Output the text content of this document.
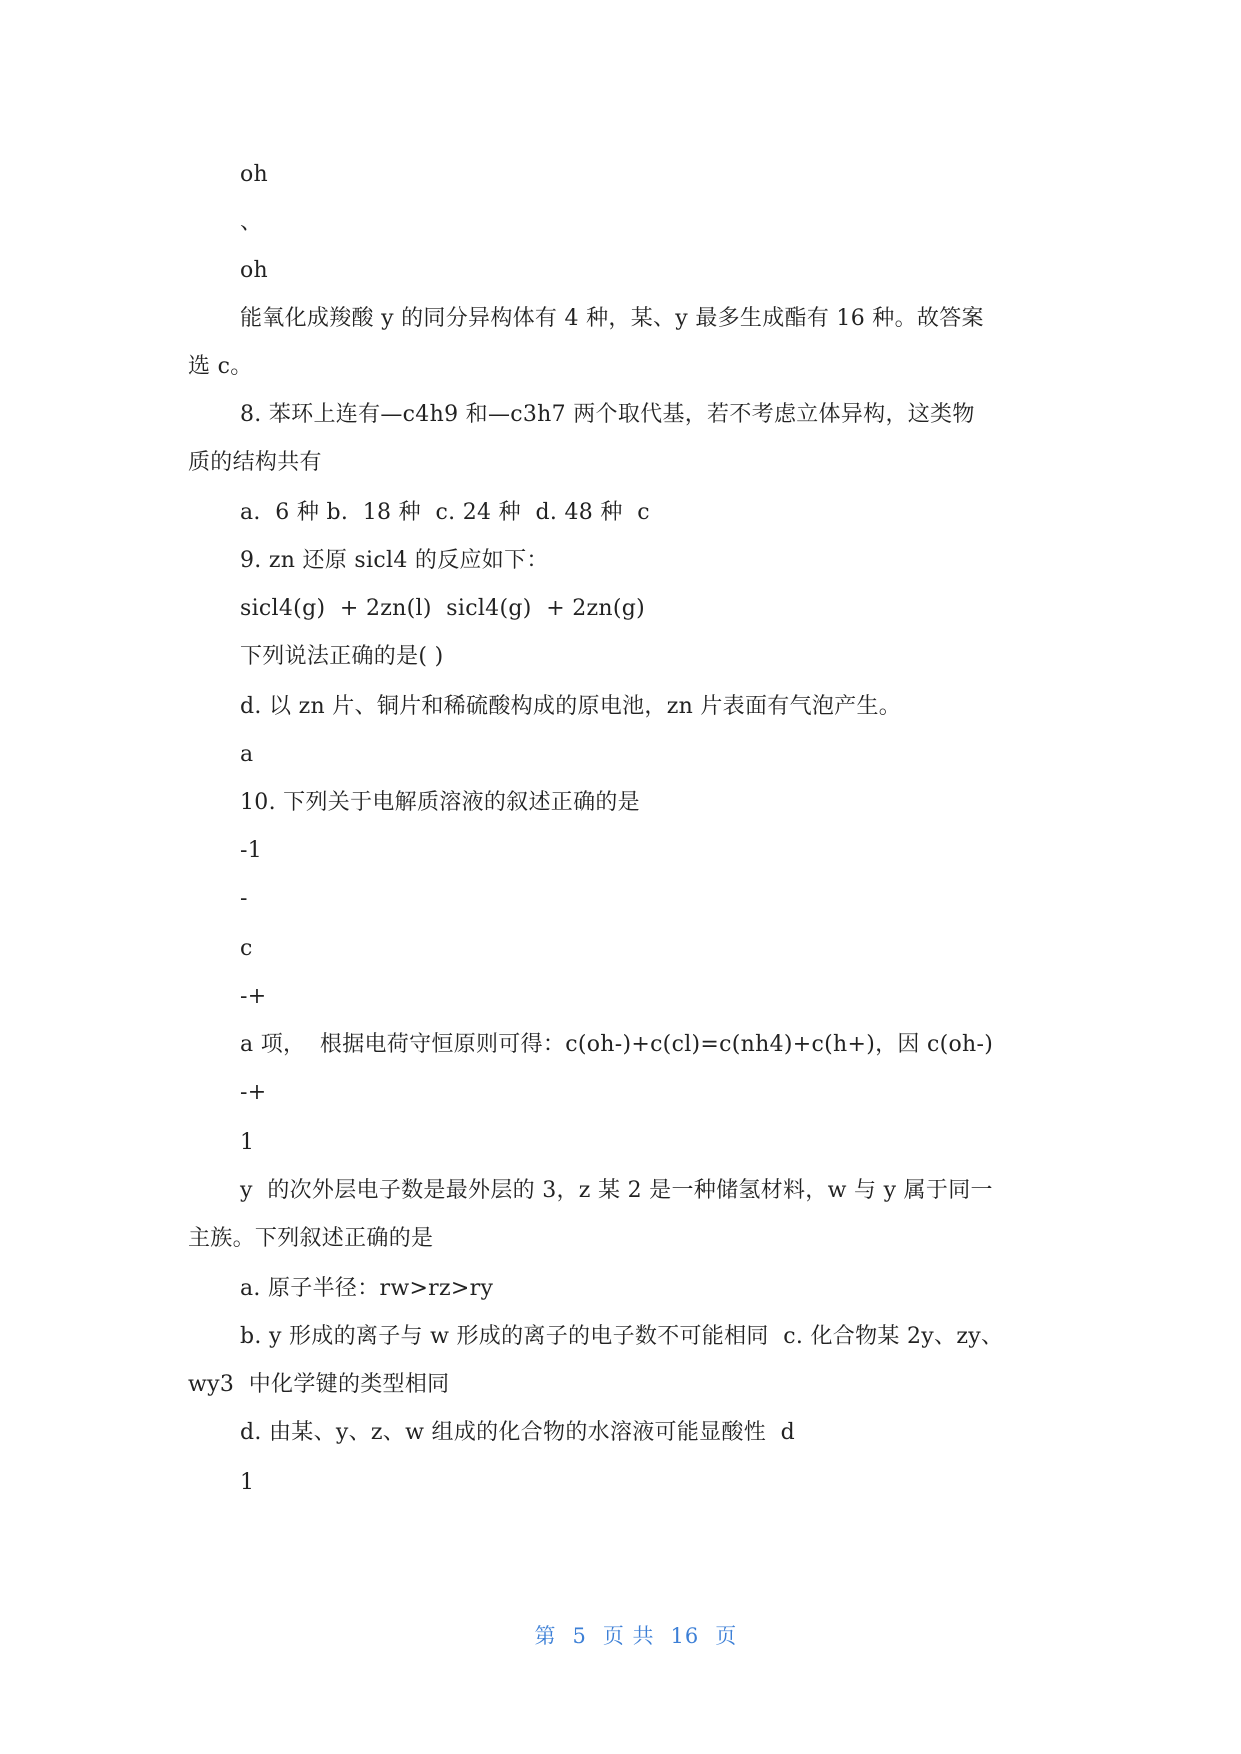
oh
、
oh
能氧化成羧酸 y 的同分异构体有 4 种，某、y 最多生成酯有 16 种。故答案
选 c。
8. 苯环上连有—c4h9 和—c3h7 两个取代基，若不考虑立体异构，这类物
质的结构共有
a.  6 种 b.  18 种  c. 24 种  d. 48 种  c
9. zn 还原 sicl4 的反应如下：
sicl4(g)  + 2zn(l)  sicl4(g)  + 2zn(g)
下列说法正确的是( )
d. 以 zn 片、铜片和稀硫酸构成的原电池，zn 片表面有气泡产生。
a
10. 下列关于电解质溶液的叙述正确的是
-1
-
c
-+
a 项，  根据电荷守恒原则可得：c(oh-)+c(cl)=c(nh4)+c(h+)，因 c(oh-)
-+
1
y  的次外层电子数是最外层的 3，z 某 2 是一种储氢材料，w 与 y 属于同一
主族。下列叙述正确的是
a. 原子半径：rw>rz>ry
b. y 形成的离子与 w 形成的离子的电子数不可能相同  c. 化合物某 2y、zy、
wy3  中化学键的类型相同
d. 由某、y、z、w 组成的化合物的水溶液可能显酸性  d
1

第 5 页 共 16 页
